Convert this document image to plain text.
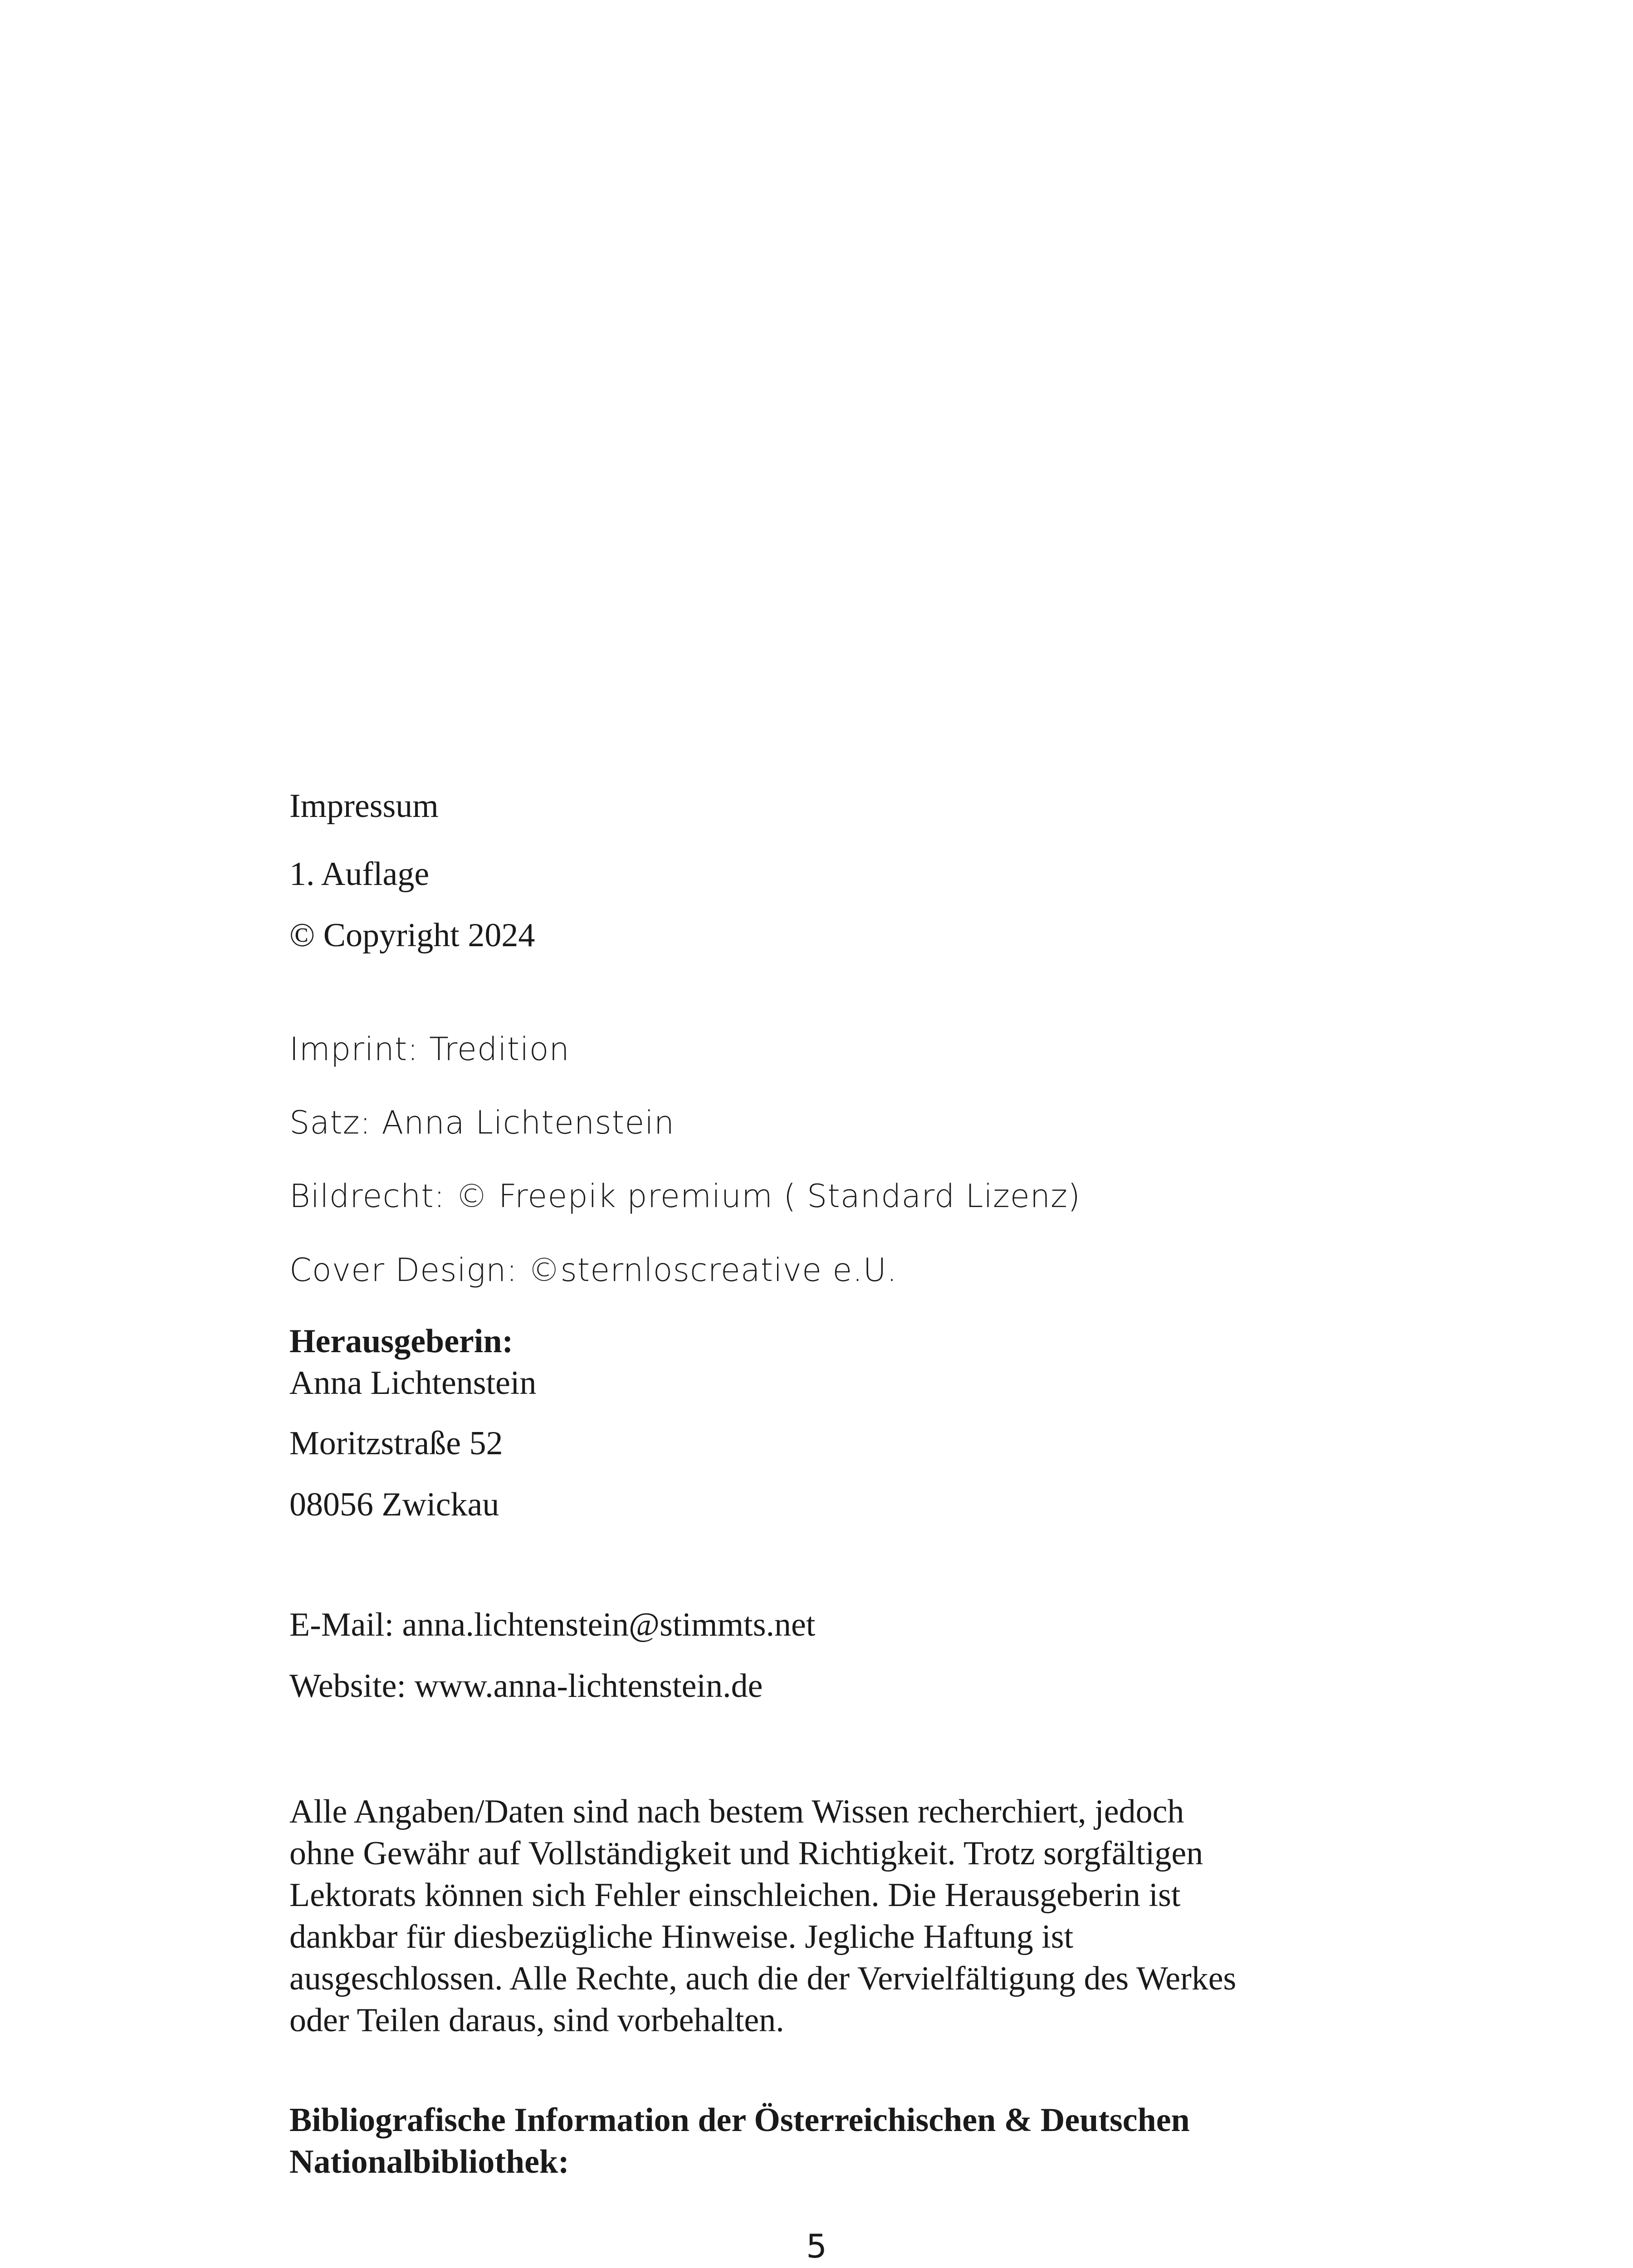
Impressum
1. Auflage
© Copyright 2024
Imprint: Tredition
Satz: Anna Lichtenstein
Bildrecht: © Freepik premium ( Standard Lizenz)
Cover Design: ©sternloscreative e.U.
Herausgeberin:
Anna Lichtenstein
Moritzstraße 52
08056 Zwickau
E-Mail: anna.lichtenstein@stimmts.net
Website: www.anna-lichtenstein.de
Alle Angaben/Daten sind nach bestem Wissen recherchiert, jedoch
ohne Gewähr auf Vollständigkeit und Richtigkeit. Trotz sorgfältigen
Lektorats können sich Fehler einschleichen. Die Herausgeberin ist
dankbar für diesbezügliche Hinweise. Jegliche Haftung ist
ausgeschlossen. Alle Rechte, auch die der Vervielfältigung des Werkes
oder Teilen daraus, sind vorbehalten.
Bibliografische Information der Österreichischen & Deutschen
Nationalbibliothek:
5
